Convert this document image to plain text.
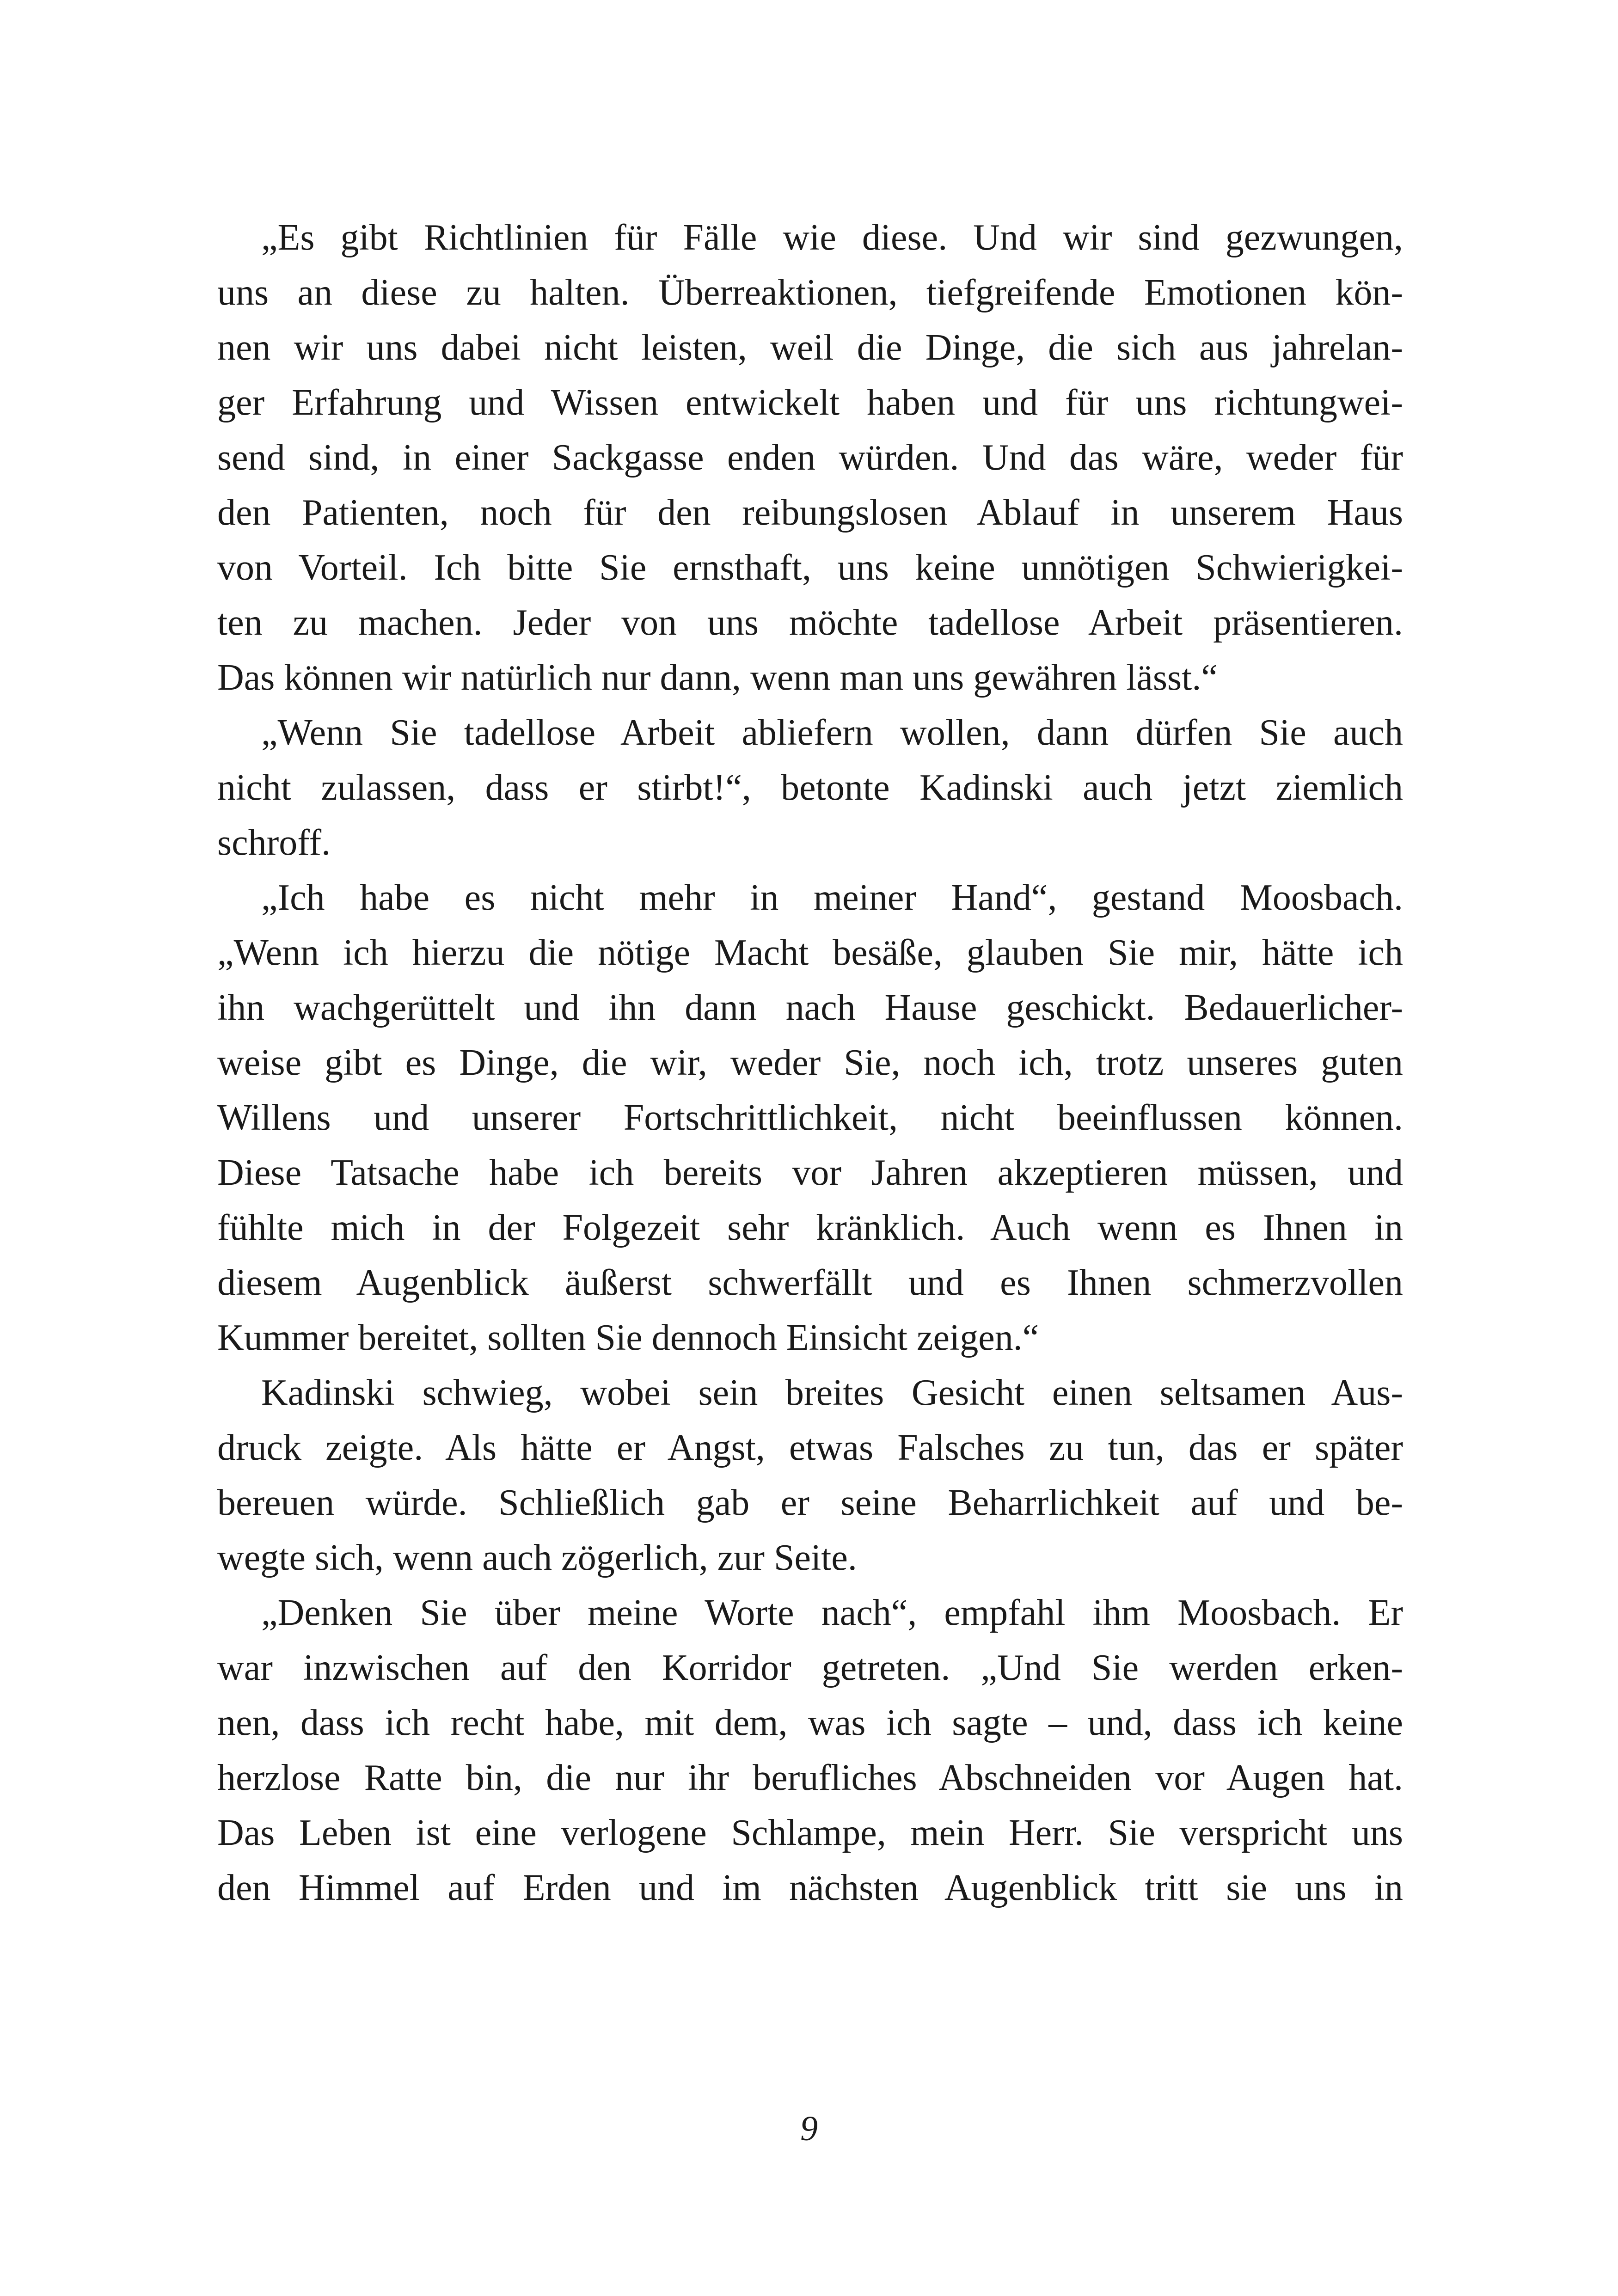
„Es gibt Richtlinien für Fälle wie diese. Und wir sind gezwungen,
uns an diese zu halten. Überreaktionen, tiefgreifende Emotionen kön-
nen wir uns dabei nicht leisten, weil die Dinge, die sich aus jahrelan-
ger Erfahrung und Wissen entwickelt haben und für uns richtungwei-
send sind, in einer Sackgasse enden würden. Und das wäre, weder für
den Patienten, noch für den reibungslosen Ablauf in unserem Haus
von Vorteil. Ich bitte Sie ernsthaft, uns keine unnötigen Schwierigkei-
ten zu machen. Jeder von uns möchte tadellose Arbeit präsentieren.
Das können wir natürlich nur dann, wenn man uns gewähren lässt.“
„Wenn Sie tadellose Arbeit abliefern wollen, dann dürfen Sie auch
nicht zulassen, dass er stirbt!“, betonte Kadinski auch jetzt ziemlich
schroff.
„Ich habe es nicht mehr in meiner Hand“, gestand Moosbach.
„Wenn ich hierzu die nötige Macht besäße, glauben Sie mir, hätte ich
ihn wachgerüttelt und ihn dann nach Hause geschickt. Bedauerlicher-
weise gibt es Dinge, die wir, weder Sie, noch ich, trotz unseres guten
Willens und unserer Fortschrittlichkeit, nicht beeinflussen können.
Diese Tatsache habe ich bereits vor Jahren akzeptieren müssen, und
fühlte mich in der Folgezeit sehr kränklich. Auch wenn es Ihnen in
diesem Augenblick äußerst schwerfällt und es Ihnen schmerzvollen
Kummer bereitet, sollten Sie dennoch Einsicht zeigen.“
Kadinski schwieg, wobei sein breites Gesicht einen seltsamen Aus-
druck zeigte. Als hätte er Angst, etwas Falsches zu tun, das er später
bereuen würde. Schließlich gab er seine Beharrlichkeit auf und be-
wegte sich, wenn auch zögerlich, zur Seite.
„Denken Sie über meine Worte nach“, empfahl ihm Moosbach. Er
war inzwischen auf den Korridor getreten. „Und Sie werden erken-
nen, dass ich recht habe, mit dem, was ich sagte – und, dass ich keine
herzlose Ratte bin, die nur ihr berufliches Abschneiden vor Augen hat.
Das Leben ist eine verlogene Schlampe, mein Herr. Sie verspricht uns
den Himmel auf Erden und im nächsten Augenblick tritt sie uns in
9
